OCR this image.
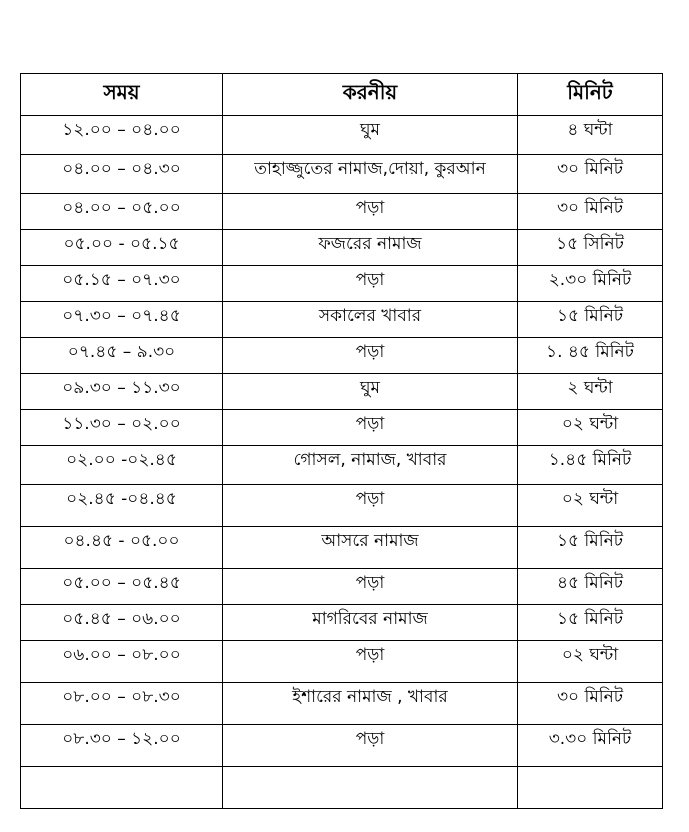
সময়	করনীয়	মিনিট
১২.০০ – ০৪.০০	ঘুম	৪ ঘন্টা
০৪.০০ – ০৪.৩০	তাহাজ্জুতের নামাজ,দোয়া, কুরআন	৩০ মিনিট
০৪.০০ – ০৫.০০	পড়া	৩০ মিনিট
০৫.০০ - ০৫.১৫	ফজরের নামাজ	১৫ সিনিট
০৫.১৫ – ০৭.৩০	পড়া	২.৩০ মিনিট
০৭.৩০ – ০৭.৪৫	সকালের খাবার	১৫ মিনিট
০৭.৪৫ – ৯.৩০	পড়া	১. ৪৫ মিনিট
০৯.৩০ – ১১.৩০	ঘুম	২ ঘন্টা
১১.৩০ – ০২.০০	পড়া	০২ ঘন্টা
০২.০০ -০২.৪৫	গোসল, নামাজ, খাবার	১.৪৫ মিনিট
০২.৪৫ -০৪.৪৫	পড়া	০২ ঘন্টা
০৪.৪৫ - ০৫.০০	আসরে নামাজ	১৫ মিনিট
০৫.০০ – ০৫.৪৫	পড়া	৪৫ মিনিট
০৫.৪৫ – ০৬.০০	মাগরিবের নামাজ	১৫ মিনিট
০৬.০০ – ০৮.০০	পড়া	০২ ঘন্টা
০৮.০০ – ০৮.৩০	ইশারের নামাজ , খাবার	৩০ মিনিট
০৮.৩০ – ১২.০০	পড়া	৩.৩০ মিনিট
